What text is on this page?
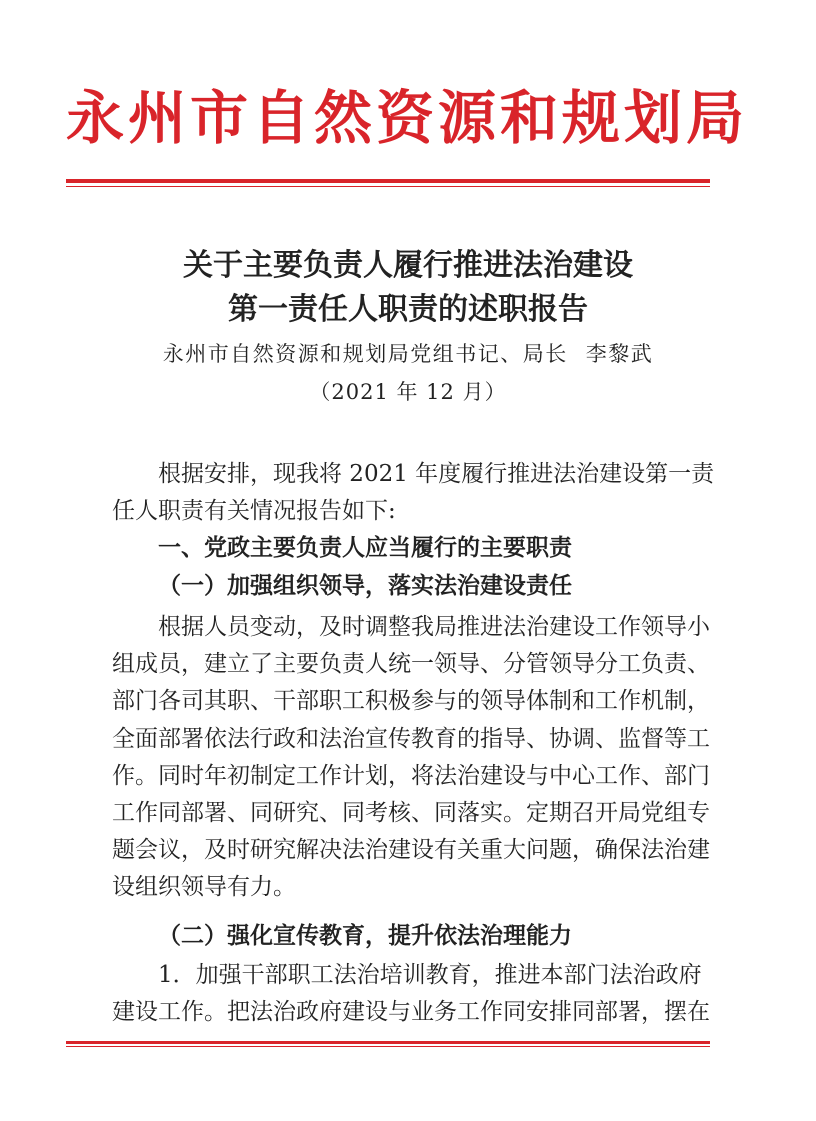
永州市自然资源和规划局
关于主要负责人履行推进法治建设
第一责任人职责的述职报告
永州市自然资源和规划局党组书记、局长 李黎武
（2021 年 12 月）
根据安排，现我将 2021 年度履行推进法治建设第一责
任人职责有关情况报告如下:
一、党政主要负责人应当履行的主要职责
（一）加强组织领导，落实法治建设责任
根据人员变动，及时调整我局推进法治建设工作领导小
组成员，建立了主要负责人统一领导、分管领导分工负责、
部门各司其职、干部职工积极参与的领导体制和工作机制，
全面部署依法行政和法治宣传教育的指导、协调、监督等工
作。同时年初制定工作计划，将法治建设与中心工作、部门
工作同部署、同研究、同考核、同落实。定期召开局党组专
题会议，及时研究解决法治建设有关重大问题，确保法治建
设组织领导有力。
（二）强化宣传教育，提升依法治理能力
1．加强干部职工法治培训教育，推进本部门法治政府
建设工作。把法治政府建设与业务工作同安排同部署，摆在
